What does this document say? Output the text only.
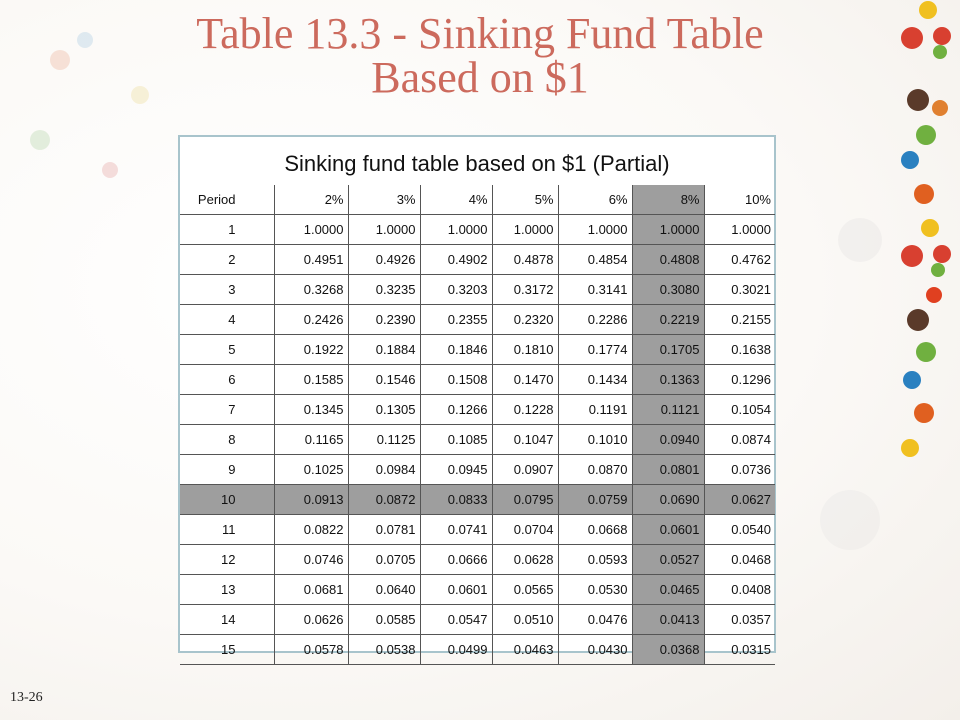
Table 13.3 - Sinking Fund Table
Based on $1
Sinking fund table based on $1 (Partial)
Period	2%	3%	4%	5%	6%	8%	10%
1	1.0000	1.0000	1.0000	1.0000	1.0000	1.0000	1.0000
2	0.4951	0.4926	0.4902	0.4878	0.4854	0.4808	0.4762
3	0.3268	0.3235	0.3203	0.3172	0.3141	0.3080	0.3021
4	0.2426	0.2390	0.2355	0.2320	0.2286	0.2219	0.2155
5	0.1922	0.1884	0.1846	0.1810	0.1774	0.1705	0.1638
6	0.1585	0.1546	0.1508	0.1470	0.1434	0.1363	0.1296
7	0.1345	0.1305	0.1266	0.1228	0.1191	0.1121	0.1054
8	0.1165	0.1125	0.1085	0.1047	0.1010	0.0940	0.0874
9	0.1025	0.0984	0.0945	0.0907	0.0870	0.0801	0.0736
10	0.0913	0.0872	0.0833	0.0795	0.0759	0.0690	0.0627
11	0.0822	0.0781	0.0741	0.0704	0.0668	0.0601	0.0540
12	0.0746	0.0705	0.0666	0.0628	0.0593	0.0527	0.0468
13	0.0681	0.0640	0.0601	0.0565	0.0530	0.0465	0.0408
14	0.0626	0.0585	0.0547	0.0510	0.0476	0.0413	0.0357
15	0.0578	0.0538	0.0499	0.0463	0.0430	0.0368	0.0315
13-26
